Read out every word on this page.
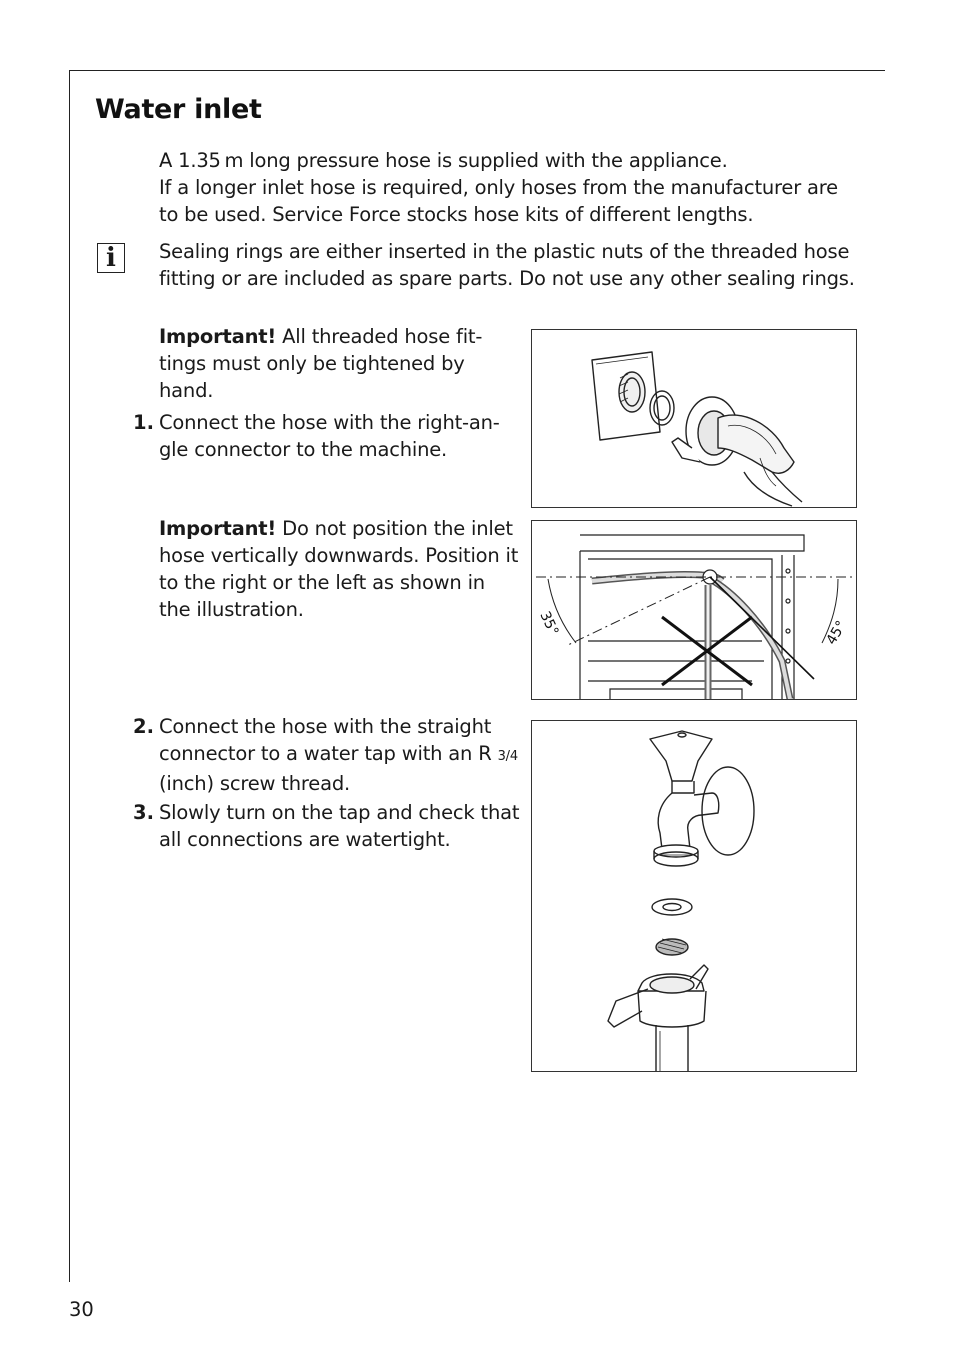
Water inlet

A 1.35 m long pressure hose is supplied with the appliance.

If a longer inlet hose is required, only hoses from the manufacturer are to be used. Service Force stocks hose kits of different lengths.

i	Sealing rings are either inserted in the plastic nuts of the threaded hose fitting or are included as spare parts. Do not use any other sealing rings.
Important! All threaded hose fit-tings must only be tightened by hand.
1. Connect the hose with the right-an-gle connector to the machine.
Important! Do not position the inlet hose vertically downwards. Position it to the right or the left as shown in the illustration.
2. Connect the hose with the straight connector to a water tap with an R 3/4 (inch) screw thread.
3. Slowly turn on the tap and check that all connections are watertight.
35°	45°
30
